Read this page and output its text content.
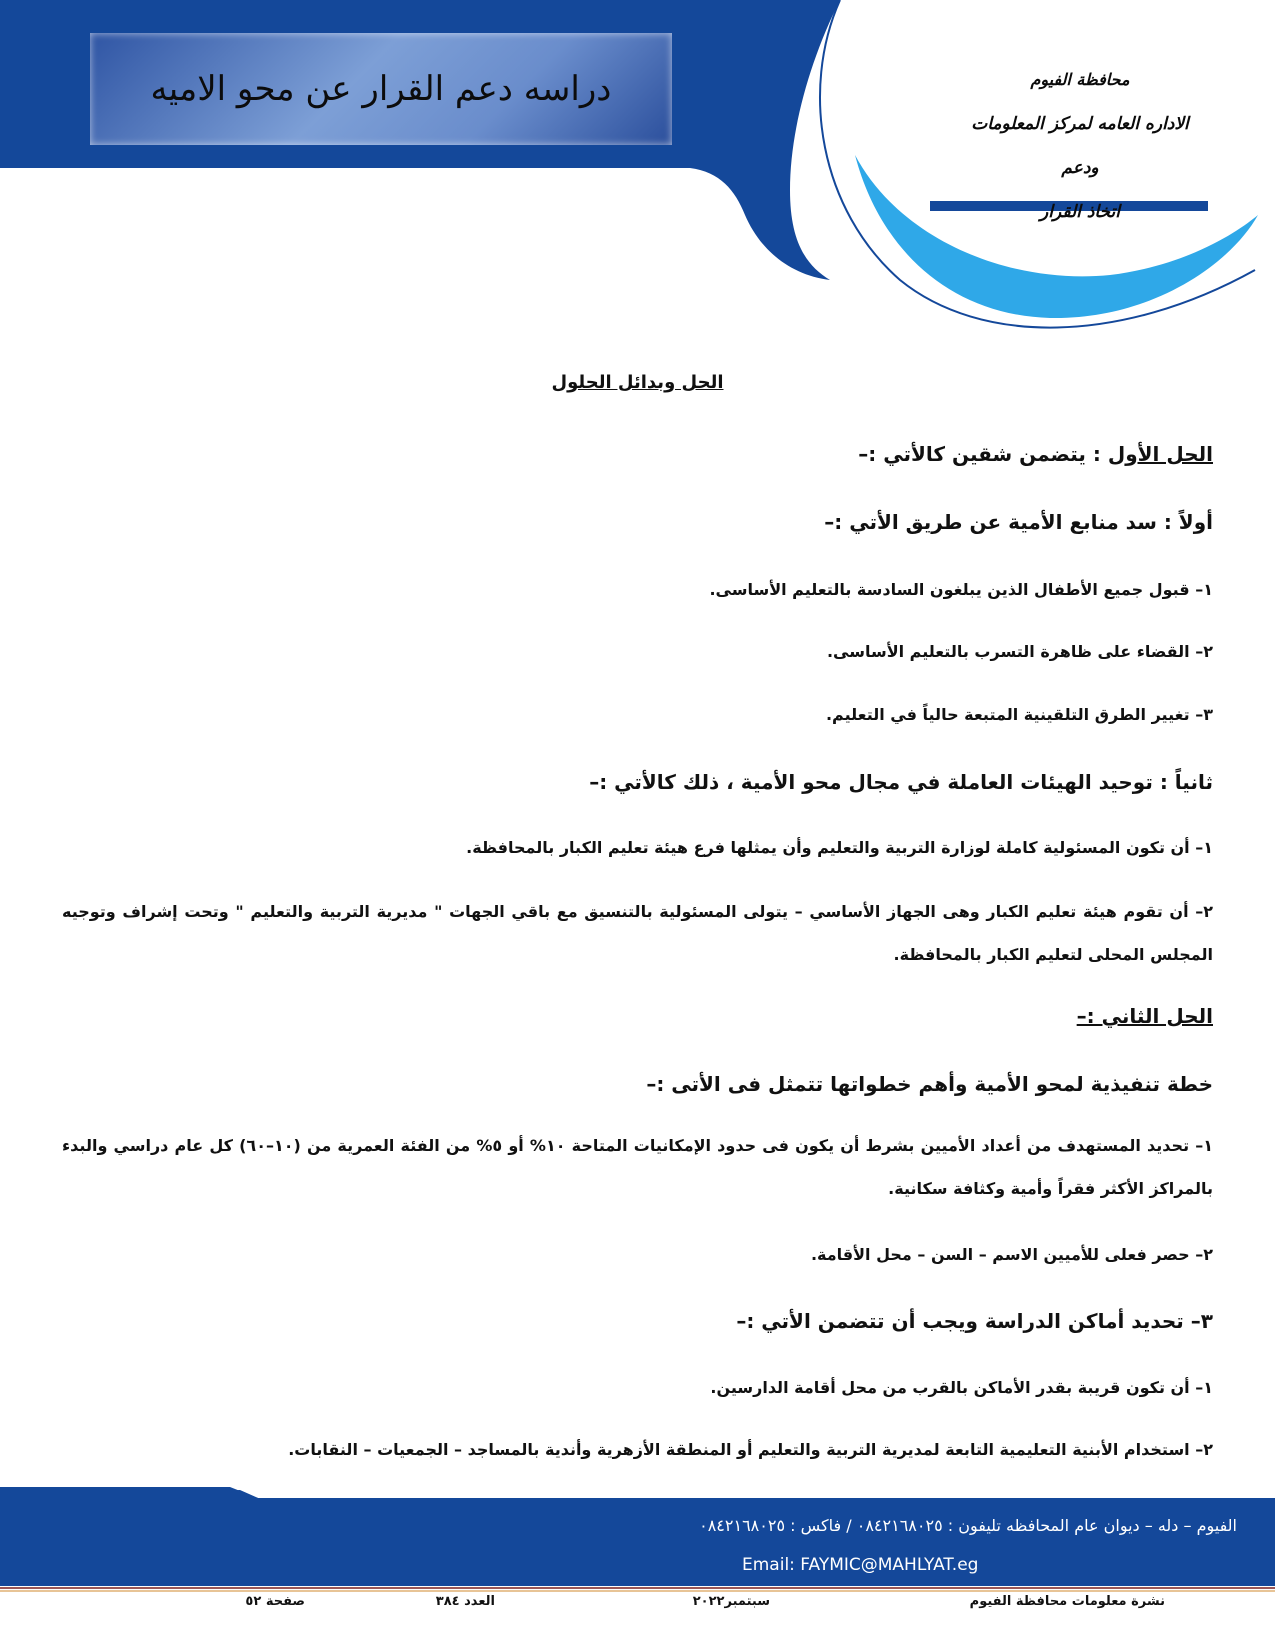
دراسه دعم القرار عن محو الاميه	محافظة الفيوم
الاداره العامه لمركز المعلومات ودعم
اتخاذ القرار
الحل وبدائل الحلول
الحل الأول : يتضمن شقين كالأتي :–
أولاً : سد منابع الأمية عن طريق الأتي :–
١– قبول جميع الأطفال الذين يبلغون السادسة بالتعليم الأساسى.
٢– القضاء على ظاهرة التسرب بالتعليم الأساسى.
٣– تغيير الطرق التلقينية المتبعة حالياً في التعليم.
ثانياً : توحيد الهيئات العاملة في مجال محو الأمية ، ذلك كالأتي :–
١– أن تكون المسئولية كاملة لوزارة التربية والتعليم وأن يمثلها فرع هيئة تعليم الكبار بالمحافظة.
٢– أن تقوم هيئة تعليم الكبار وهى الجهاز الأساسي – يتولى المسئولية بالتنسيق مع باقي الجهات " مديرية التربية والتعليم " وتحت إشراف وتوجيه المجلس المحلى لتعليم الكبار بالمحافظة.
الحل الثاني :–
خطة تنفيذية لمحو الأمية وأهم خطواتها تتمثل فى الأتى :–
١– تحديد المستهدف من أعداد الأميين بشرط أن يكون فى حدود الإمكانيات المتاحة ١٠% أو ٥% من الفئة العمرية من (١٠–٦٠) كل عام دراسي والبدء بالمراكز الأكثر فقراً وأمية وكثافة سكانية.
٢– حصر فعلى للأميين الاسم – السن – محل الأقامة.
٣– تحديد أماكن الدراسة ويجب أن تتضمن الأتي :–
١– أن تكون قريبة بقدر الأماكن بالقرب من محل أقامة الدارسين.
٢– استخدام الأبنية التعليمية التابعة لمديرية التربية والتعليم أو المنطقة الأزهرية وأندية بالمساجد – الجمعيات – النقابات.
الفيوم – دله – ديوان عام المحافظه تليفون : ٠٨٤٢١٦٨٠٢٥ / فاكس : ٠٨٤٢١٦٨٠٢٥
Email: FAYMIC@MAHLYAT.eg
نشرة معلومات محافظة الفيوم
سبتمبر٢٠٢٢
العدد ٣٨٤
صفحة ٥٢
